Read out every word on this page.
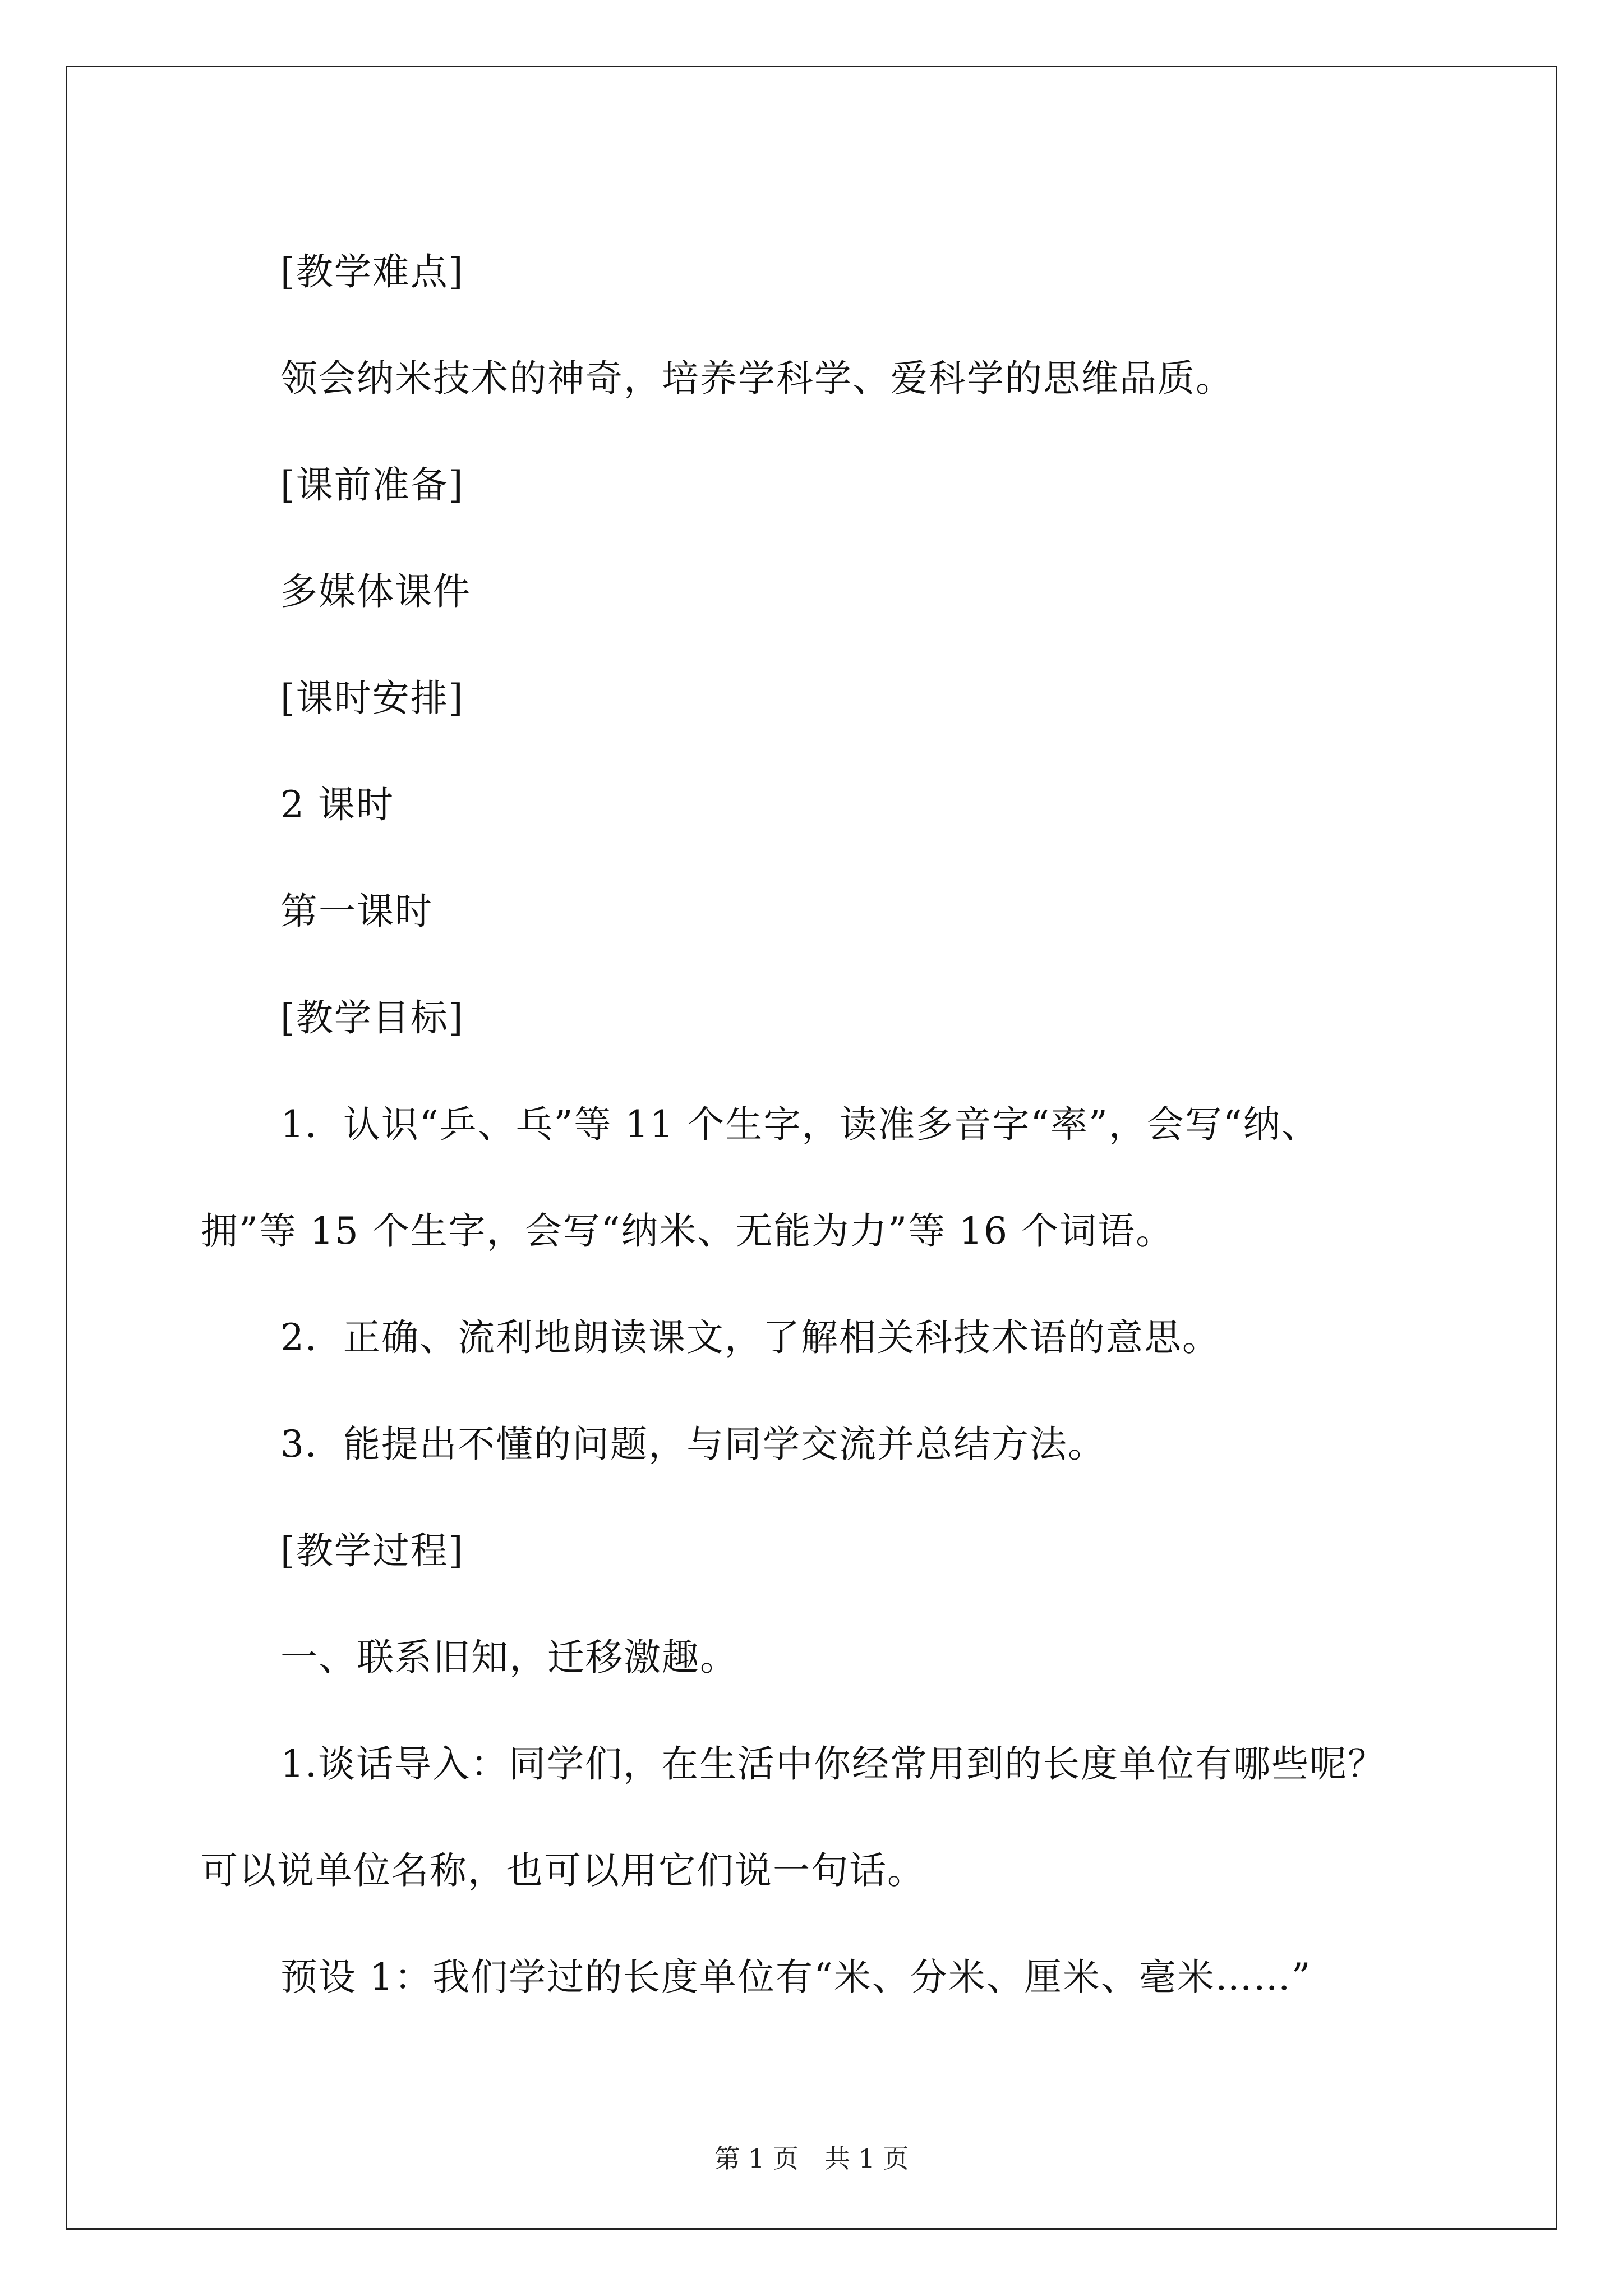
[教学难点]
领会纳米技术的神奇，培养学科学、爱科学的思维品质。
[课前准备]
多媒体课件
[课时安排]
2 课时
第一课时
[教学目标]
1．认识“乒、乓”等 11 个生字，读准多音字“率”，会写“纳、
拥”等 15 个生字，会写“纳米、无能为力”等 16 个词语。
2．正确、流利地朗读课文，了解相关科技术语的意思。
3．能提出不懂的问题，与同学交流并总结方法。
[教学过程]
一、联系旧知，迁移激趣。
1.谈话导入：同学们，在生活中你经常用到的长度单位有哪些呢？
可以说单位名称，也可以用它们说一句话。
预设 1：我们学过的长度单位有“米、分米、厘米、毫米……”
第 1 页　共 1 页
